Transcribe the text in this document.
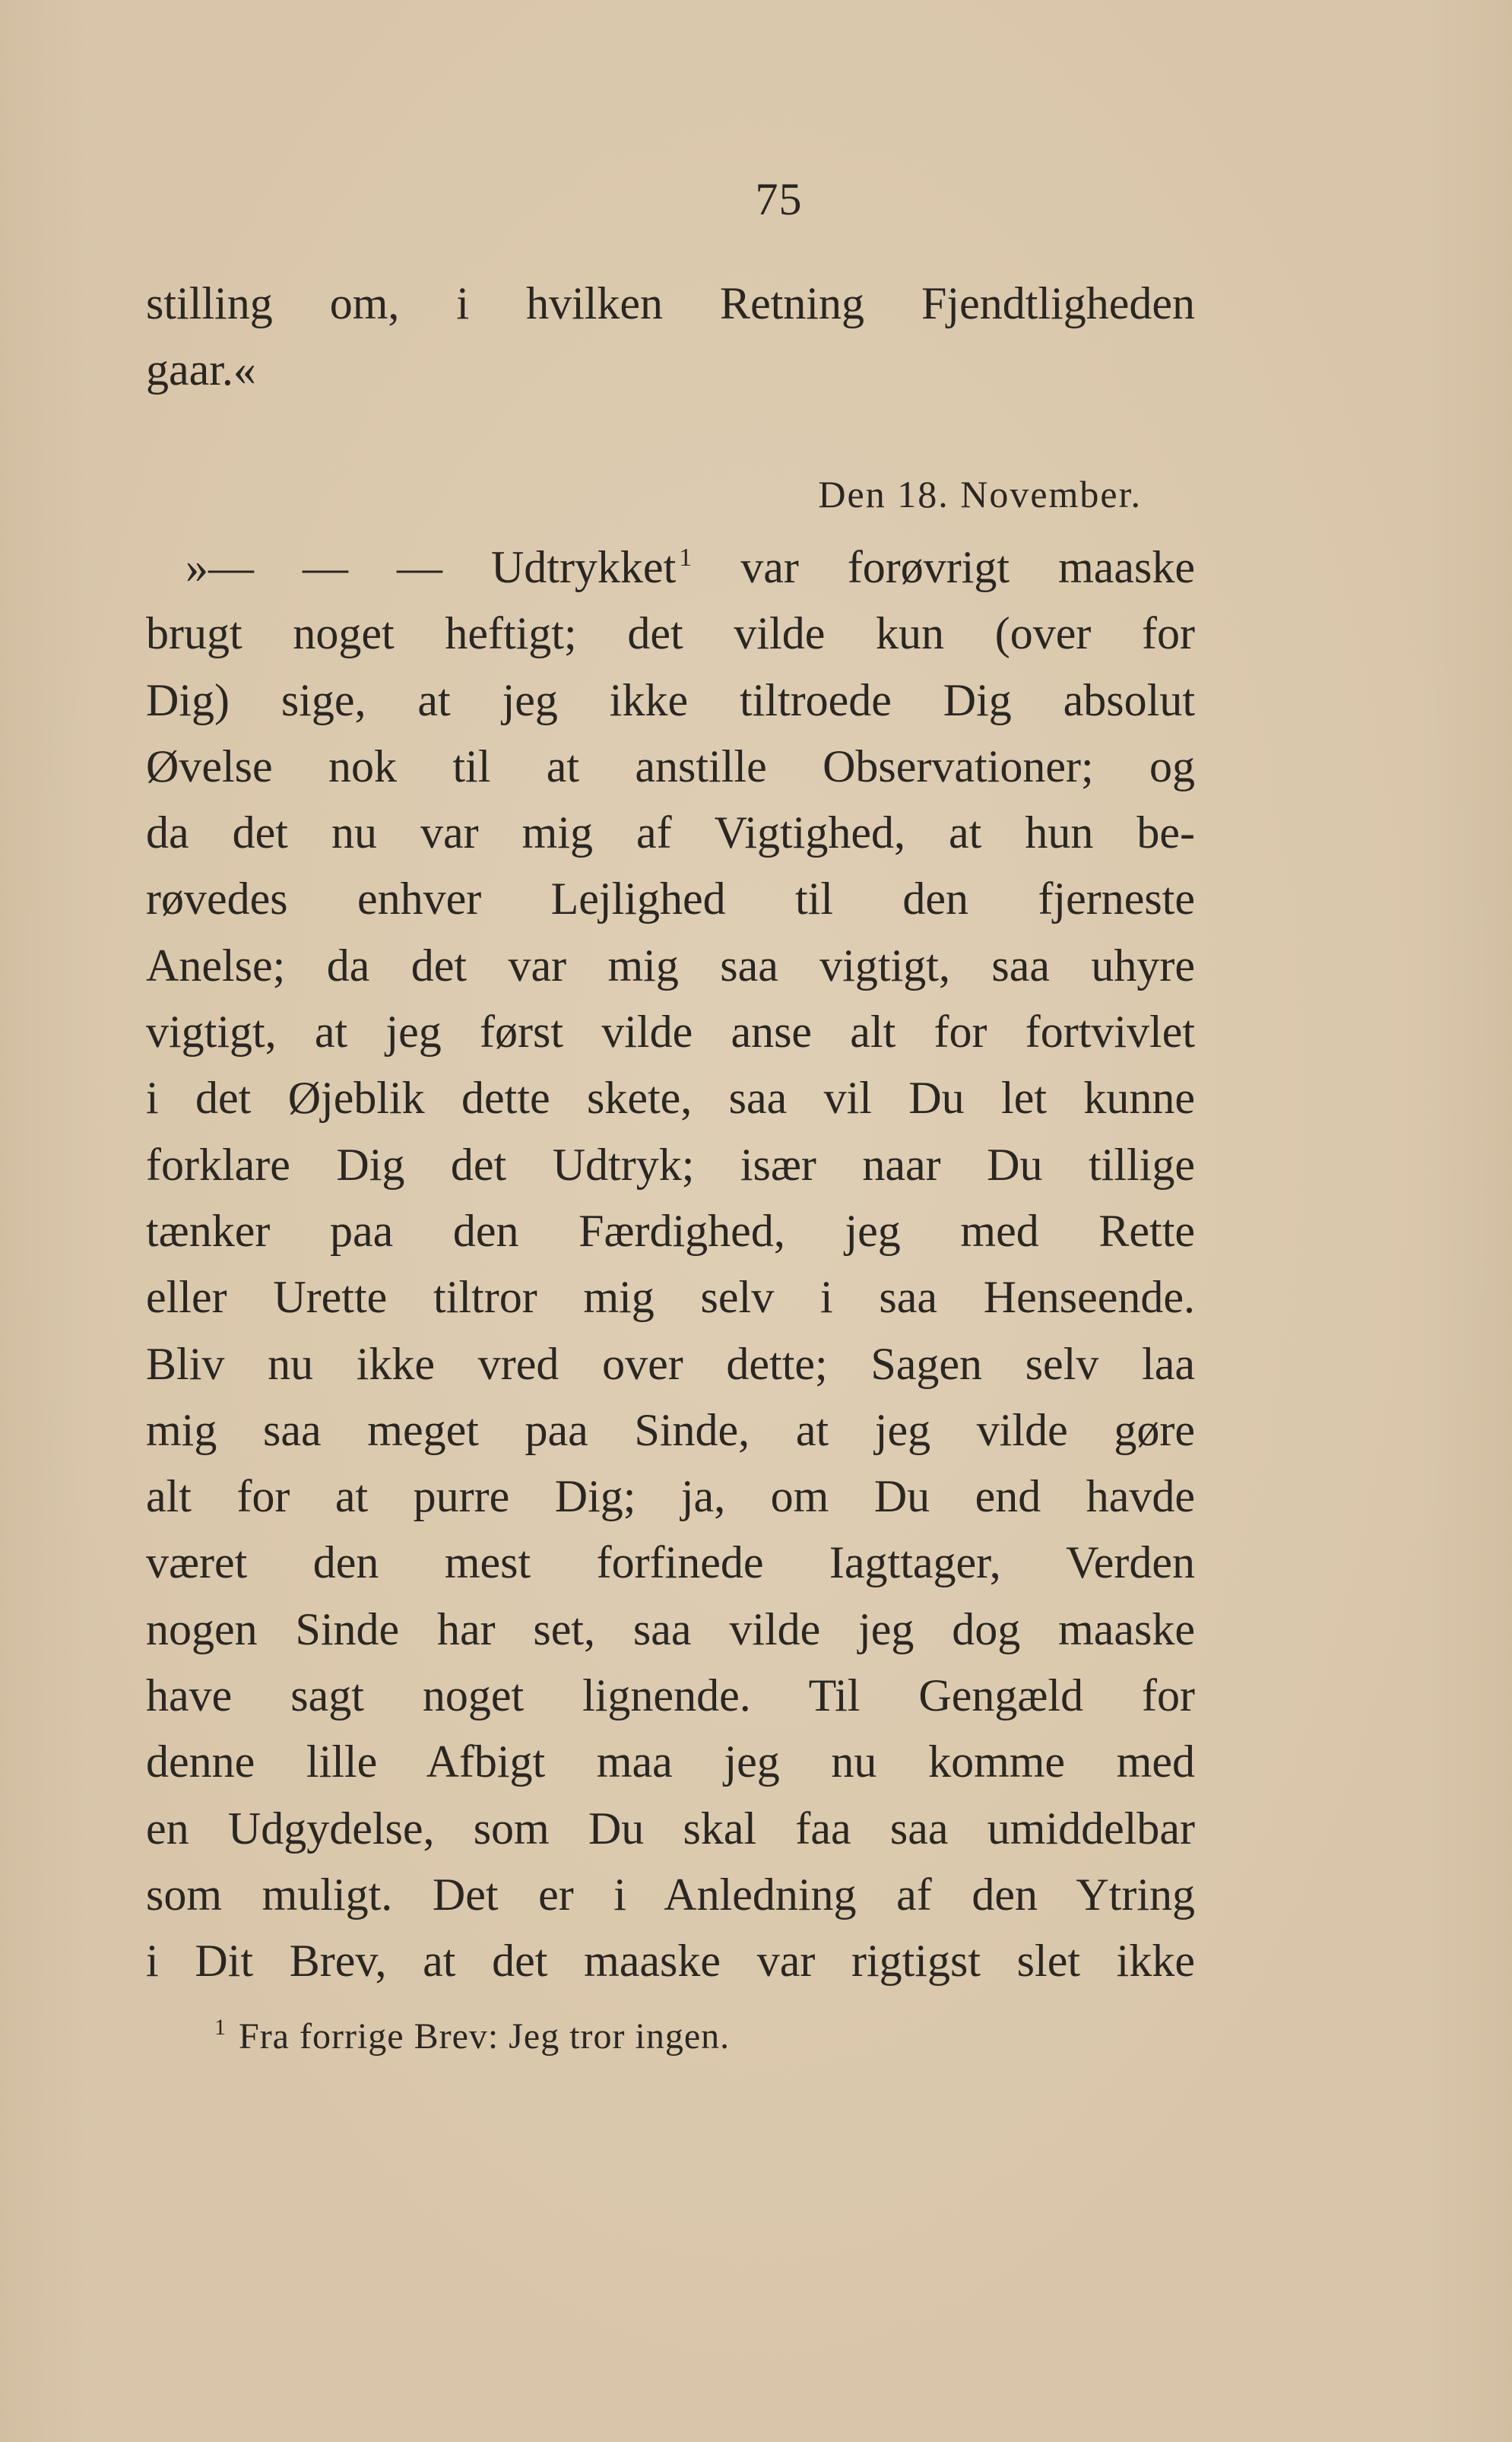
75
stilling om, i hvilken Retning Fjendtligheden
gaar.«
Den 18. November.
»— — — Udtrykket $^1$ var forøvrigt maaske
brugt noget heftigt; det vilde kun (over for
Dig) sige, at jeg ikke tiltroede Dig absolut
Øvelse nok til at anstille Observationer; og
da det nu var mig af Vigtighed, at hun be-
røvedes enhver Lejlighed til den fjerneste
Anelse; da det var mig saa vigtigt, saa uhyre
vigtigt, at jeg først vilde anse alt for fortvivlet
i det Øjeblik dette skete, saa vil Du let kunne
forklare Dig det Udtryk; især naar Du tillige
tænker paa den Færdighed, jeg med Rette
eller Urette tiltror mig selv i saa Henseende.
Bliv nu ikke vred over dette; Sagen selv laa
mig saa meget paa Sinde, at jeg vilde gøre
alt for at purre Dig; ja, om Du end havde
været den mest forfinede Iagttager, Verden
nogen Sinde har set, saa vilde jeg dog maaske
have sagt noget lignende. Til Gengæld for
denne lille Afbigt maa jeg nu komme med
en Udgydelse, som Du skal faa saa umiddelbar
som muligt. Det er i Anledning af den Ytring
i Dit Brev, at det maaske var rigtigst slet ikke
$^1$ Fra forrige Brev: Jeg tror ingen.
